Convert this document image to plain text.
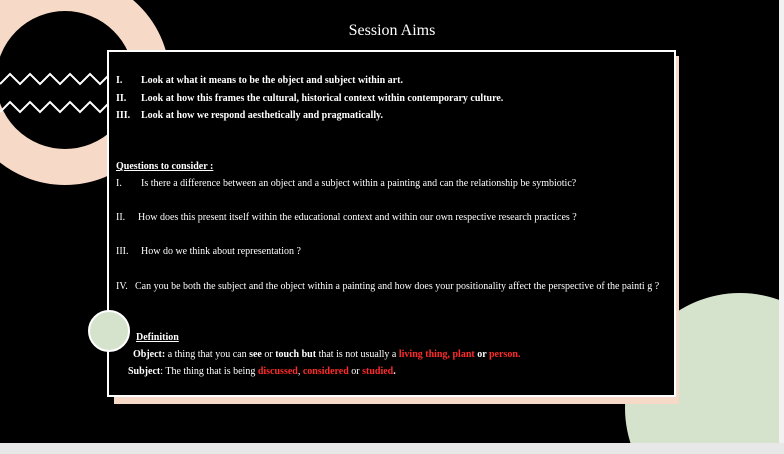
Session Aims
I. Look at what it means to be the object and subject within art.
II. Look at how this frames the cultural, historical context within contemporary culture.
III. Look at how we respond aesthetically and pragmatically.
Questions to consider :
I. Is there a difference between an object and a subject within a painting and can the relationship be symbiotic?
II. How does this present itself within the educational context and within our own respective research practices ?
III. How do we think about representation ?
IV. Can you be both the subject and the object within a painting and how does your positionality affect the perspective of the painti g ?
Definition
Object: a thing that you can see or touch but that is not usually a living thing, plant or person.
Subject: The thing that is being discussed, considered or studied.
